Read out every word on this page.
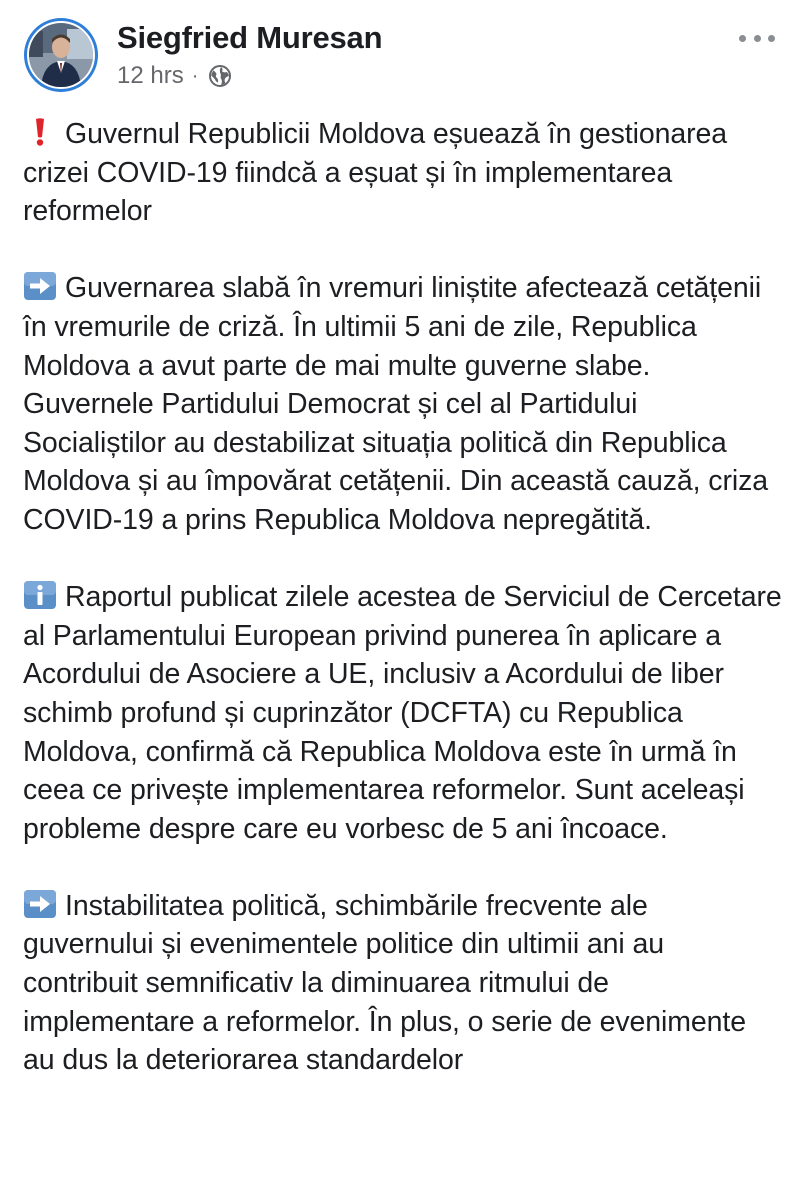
Siegfried Muresan
12 hrs ·

Guvernul Republicii Moldova eșuează în gestionarea crizei COVID-19 fiindcă a eșuat și în implementarea reformelor

Guvernarea slabă în vremuri liniștite afectează cetățenii în vremurile de criză. În ultimii 5 ani de zile, Republica Moldova a avut parte de mai multe guverne slabe. Guvernele Partidului Democrat și cel al Partidului Socialiștilor au destabilizat situația politică din Republica Moldova și au împovărat cetățenii. Din această cauză, criza COVID-19 a prins Republica Moldova nepregătită.

Raportul publicat zilele acestea de Serviciul de Cercetare al Parlamentului European privind punerea în aplicare a Acordului de Asociere a UE, inclusiv a Acordului de liber schimb profund și cuprinzător (DCFTA) cu Republica Moldova, confirmă că Republica Moldova este în urmă în ceea ce privește implementarea reformelor. Sunt aceleași probleme despre care eu vorbesc de 5 ani încoace.

Instabilitatea politică, schimbările frecvente ale guvernului și evenimentele politice din ultimii ani au contribuit semnificativ la diminuarea ritmului de implementare a reformelor. În plus, o serie de evenimente au dus la deteriorarea standardelor
